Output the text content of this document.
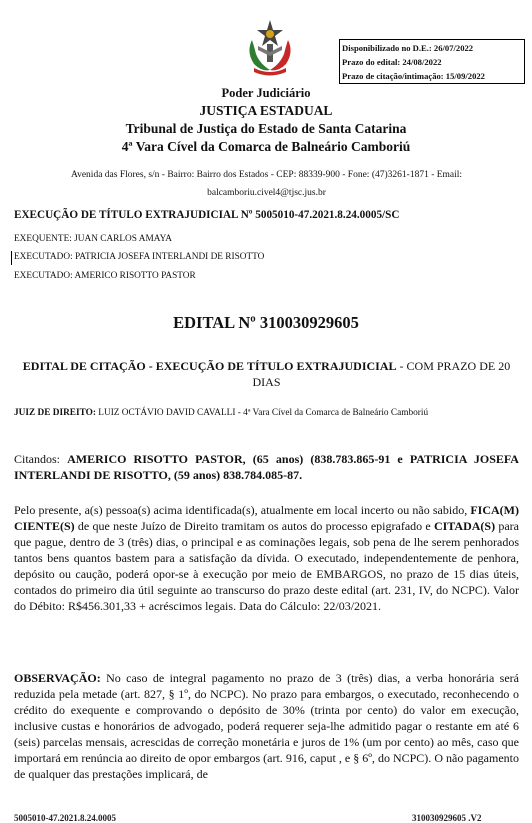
Disponibilizado no D.E.: 26/07/2022
Prazo do edital: 24/08/2022
Prazo de citação/intimação: 15/09/2022
Poder Judiciário
JUSTIÇA ESTADUAL
Tribunal de Justiça do Estado de Santa Catarina
4ª Vara Cível da Comarca de Balneário Camboriú
Avenida das Flores, s/n - Bairro: Bairro dos Estados - CEP: 88339-900 - Fone: (47)3261-1871 - Email:
balcamboriu.civel4@tjsc.jus.br
EXECUÇÃO DE TÍTULO EXTRAJUDICIAL Nº 5005010-47.2021.8.24.0005/SC
EXEQUENTE: JUAN CARLOS AMAYA
EXECUTADO: PATRICIA JOSEFA INTERLANDI DE RISOTTO
EXECUTADO: AMERICO RISOTTO PASTOR
EDITAL Nº 310030929605
EDITAL DE CITAÇÃO - EXECUÇÃO DE TÍTULO EXTRAJUDICIAL - COM PRAZO DE 20 DIAS
JUIZ DE DIREITO: LUIZ OCTÁVIO DAVID CAVALLI - 4ª Vara Cível da Comarca de Balneário Camboriú
Citandos: AMERICO RISOTTO PASTOR, (65 anos) (838.783.865-91 e PATRICIA JOSEFA INTERLANDI DE RISOTTO, (59 anos) 838.784.085-87.
Pelo presente, a(s) pessoa(s) acima identificada(s), atualmente em local incerto ou não sabido, FICA(M) CIENTE(S) de que neste Juízo de Direito tramitam os autos do processo epigrafado e CITADA(S) para que pague, dentro de 3 (três) dias, o principal e as cominações legais, sob pena de lhe serem penhorados tantos bens quantos bastem para a satisfação da dívida. O executado, independentemente de penhora, depósito ou caução, poderá opor-se à execução por meio de EMBARGOS, no prazo de 15 dias úteis, contados do primeiro dia útil seguinte ao transcurso do prazo deste edital (art. 231, IV, do NCPC). Valor do Débito: R$456.301,33 + acréscimos legais. Data do Cálculo: 22/03/2021.
OBSERVAÇÃO: No caso de integral pagamento no prazo de 3 (três) dias, a verba honorária será reduzida pela metade (art. 827, § 1º, do NCPC). No prazo para embargos, o executado, reconhecendo o crédito do exequente e comprovando o depósito de 30% (trinta por cento) do valor em execução, inclusive custas e honorários de advogado, poderá requerer seja-lhe admitido pagar o restante em até 6 (seis) parcelas mensais, acrescidas de correção monetária e juros de 1% (um por cento) ao mês, caso que importará em renúncia ao direito de opor embargos (art. 916, caput , e § 6º, do NCPC). O não pagamento de qualquer das prestações implicará, de
5005010-47.2021.8.24.0005	310030929605 .V2
